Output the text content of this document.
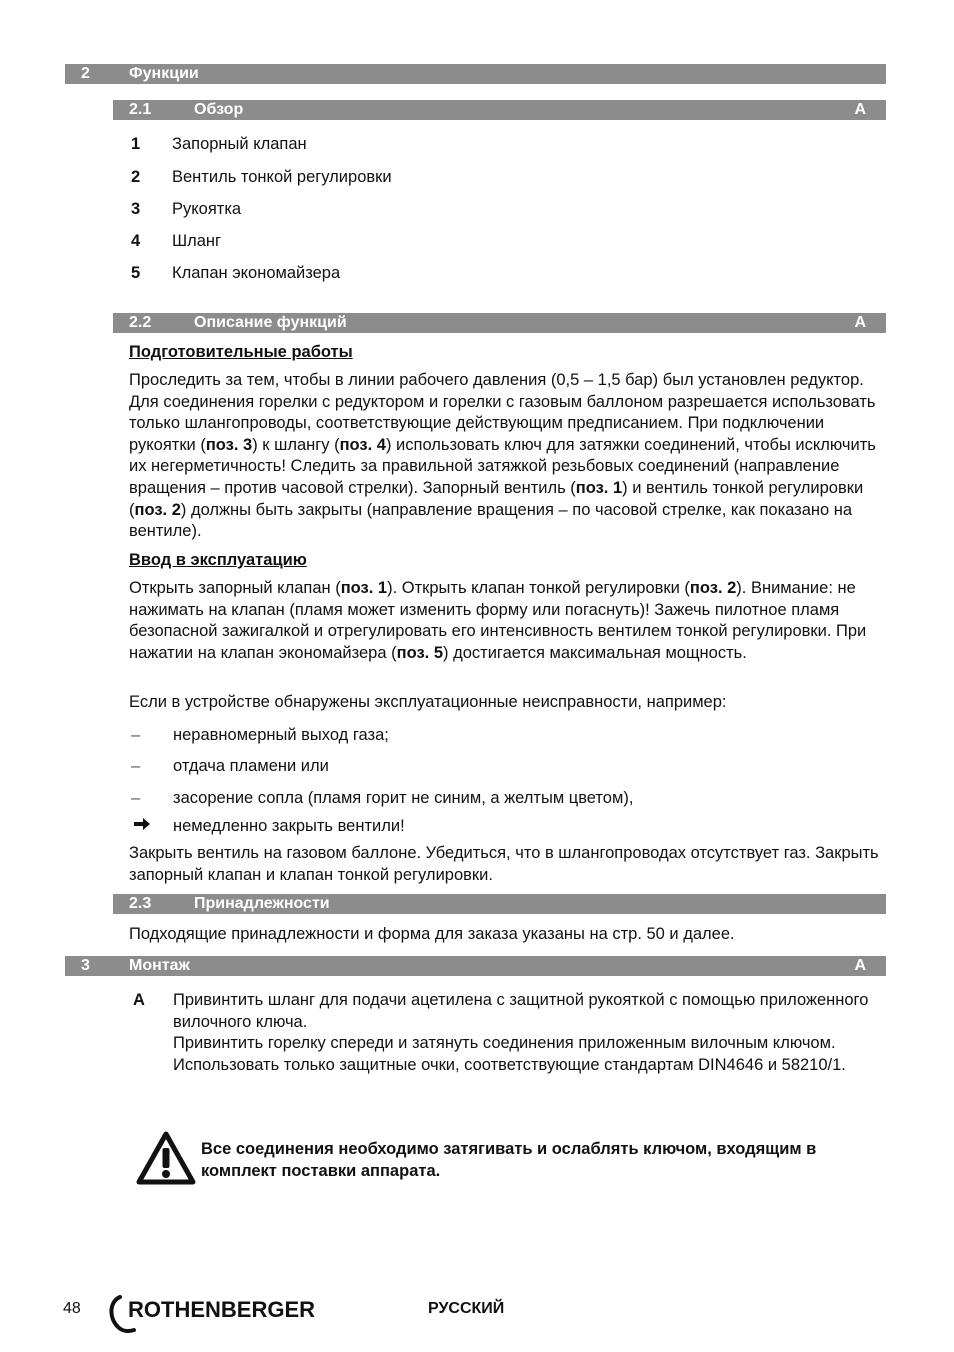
2 Функции
2.1	Обзор	A
1 Запорный клапан
2 Вентиль тонкой регулировки
3 Рукоятка
4 Шланг
5 Клапан экономайзера
2.2	Описание функций	A
Подготовительные работы
Проследить за тем, чтобы в линии рабочего давления (0,5 – 1,5 бар) был установлен редуктор. Для соединения горелки с редуктором и горелки с газовым баллоном разрешается использовать только шлангопроводы, соответствующие действующим предписанием. При подключении рукоятки (поз. 3) к шлангу (поз. 4) использовать ключ для затяжки соединений, чтобы исключить их негерметичность! Следить за правильной затяжкой резьбовых соединений (направление вращения – против часовой стрелки). Запорный вентиль (поз. 1) и вентиль тонкой регулировки (поз. 2) должны быть закрыты (направление вращения – по часовой стрелке, как показано на вентиле).
Ввод в эксплуатацию
Открыть запорный клапан (поз. 1). Открыть клапан тонкой регулировки (поз. 2). Внимание: не нажимать на клапан (пламя может изменить форму или погаснуть)! Зажечь пилотное пламя безопасной зажигалкой и отрегулировать его интенсивность вентилем тонкой регулировки. При нажатии на клапан экономайзера (поз. 5) достигается максимальная мощность.
Если в устройстве обнаружены эксплуатационные неисправности, например:
– неравномерный выход газа;
– отдача пламени или
– засорение сопла (пламя горит не синим, а желтым цветом),
немедленно закрыть вентили!
Закрыть вентиль на газовом баллоне. Убедиться, что в шлангопроводах отсутствует газ. Закрыть запорный клапан и клапан тонкой регулировки.
2.3	Принадлежности
Подходящие принадлежности и форма для заказа указаны на стр. 50 и далее.
3 Монтаж	A
A Привинтить шланг для подачи ацетилена с защитной рукояткой с помощью приложенного вилочного ключа.
Привинтить горелку спереди и затянуть соединения приложенным вилочным ключом.
Использовать только защитные очки, соответствующие стандартам DIN4646 и 58210/1.
Все соединения необходимо затягивать и ослаблять ключом, входящим в комплект поставки аппарата.
48 ROTHENBERGER	РУССКИЙ
